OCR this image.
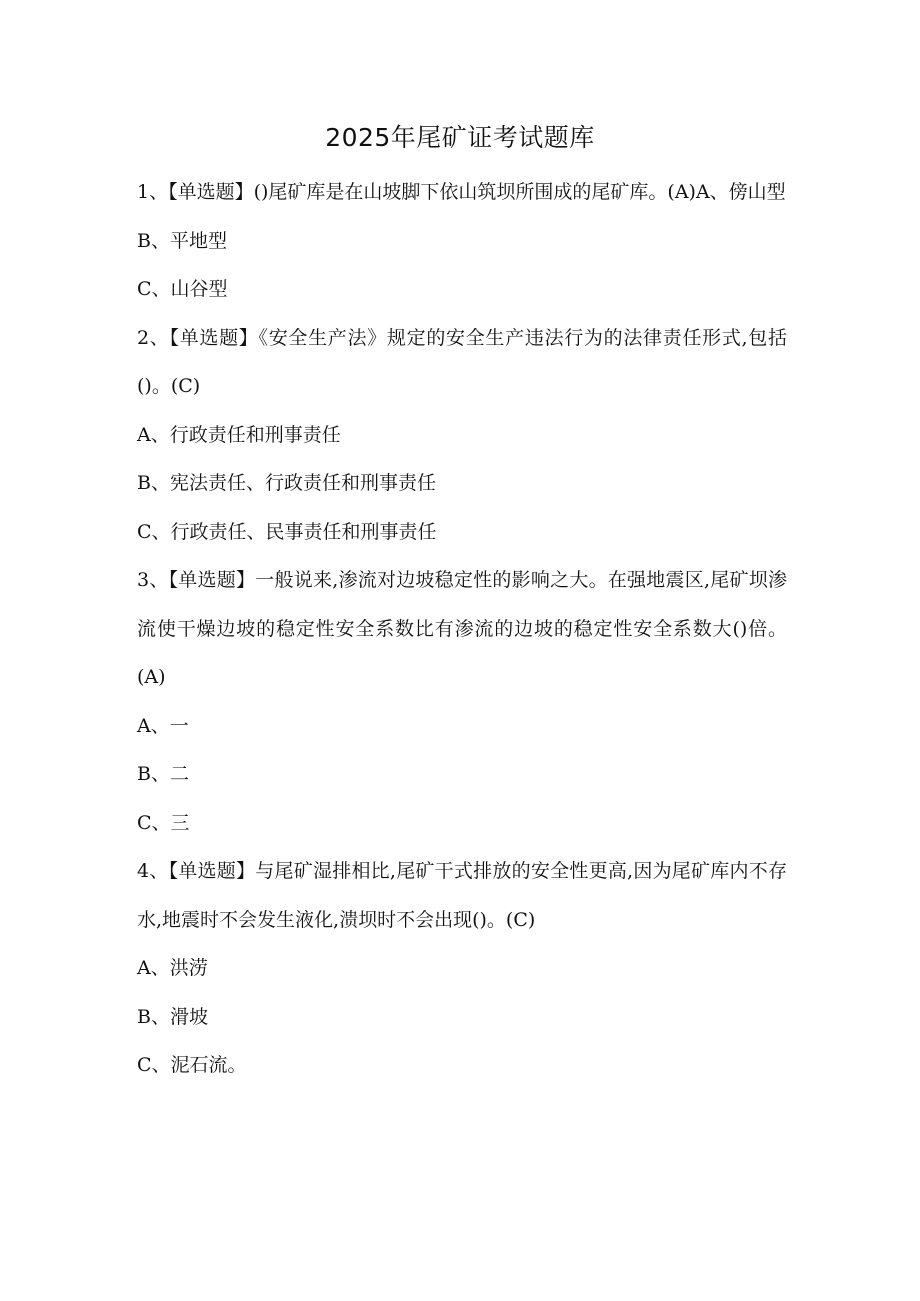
2025年尾矿证考试题库

1、【单选题】()尾矿库是在山坡脚下依山筑坝所围成的尾矿库。(A)A、傍山型

B、平地型

C、山谷型

2、【单选题】《安全生产法》规定的安全生产违法行为的法律责任形式,包括()。(C)

A、行政责任和刑事责任

B、宪法责任、行政责任和刑事责任

C、行政责任、民事责任和刑事责任

3、【单选题】一般说来,渗流对边坡稳定性的影响之大。在强地震区,尾矿坝渗流使干燥边坡的稳定性安全系数比有渗流的边坡的稳定性安全系数大()倍。(A)

A、一

B、二

C、三

4、【单选题】与尾矿湿排相比,尾矿干式排放的安全性更高,因为尾矿库内不存水,地震时不会发生液化,溃坝时不会出现()。(C)

A、洪涝

B、滑坡

C、泥石流。
